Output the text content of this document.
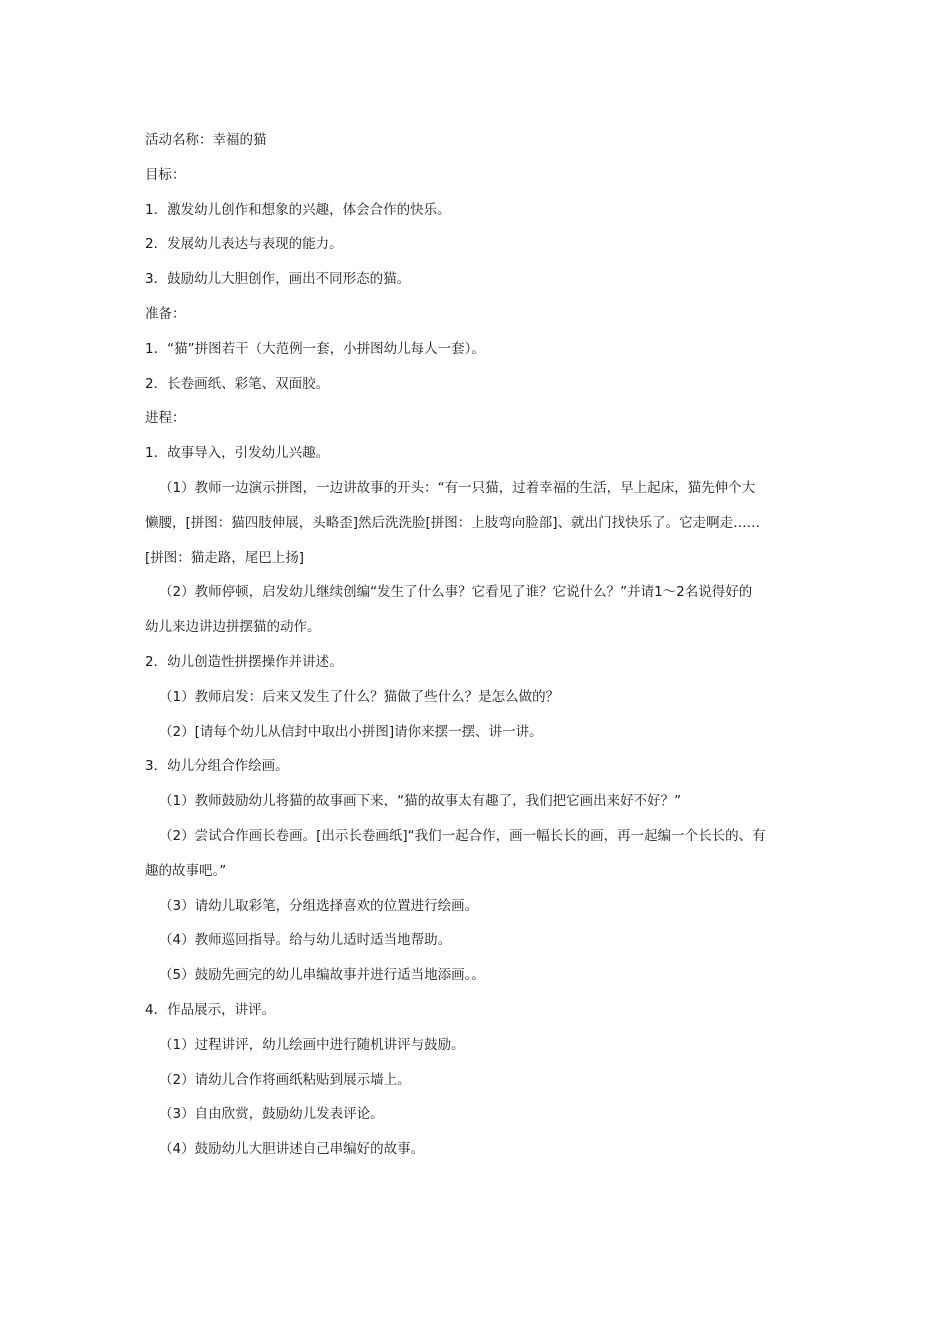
活动名称：幸福的猫

目标：

1．激发幼儿创作和想象的兴趣，体会合作的快乐。

2．发展幼儿表达与表现的能力。

3．鼓励幼儿大胆创作，画出不同形态的猫。

准备：

1．“猫”拼图若干（大范例一套，小拼图幼儿每人一套）。

2．长卷画纸、彩笔、双面胶。

进程：

1．故事导入，引发幼儿兴趣。

（1）教师一边演示拼图，一边讲故事的开头：“有一只猫，过着幸福的生活，早上起床，猫先伸个大

懒腰，[拼图：猫四肢伸展，头略歪]然后洗洗脸[拼图：上肢弯向脸部]、就出门找快乐了。它走啊走……

[拼图：猫走路，尾巴上扬]

（2）教师停顿，启发幼儿继续创编“发生了什么事？它看见了谁？它说什么？”并请1～2名说得好的

幼儿来边讲边拼摆猫的动作。

2．幼儿创造性拼摆操作并讲述。

（1）教师启发：后来又发生了什么？猫做了些什么？是怎么做的？

（2）[请每个幼儿从信封中取出小拼图]请你来摆一摆、讲一讲。

3．幼儿分组合作绘画。

（1）教师鼓励幼儿将猫的故事画下来，“猫的故事太有趣了，我们把它画出来好不好？”

（2）尝试合作画长卷画。[出示长卷画纸]“我们一起合作，画一幅长长的画，再一起编一个长长的、有

趣的故事吧。”

（3）请幼儿取彩笔，分组选择喜欢的位置进行绘画。

（4）教师巡回指导。给与幼儿适时适当地帮助。

（5）鼓励先画完的幼儿串编故事并进行适当地添画。。

4．作品展示，讲评。

（1）过程讲评，幼儿绘画中进行随机讲评与鼓励。

（2）请幼儿合作将画纸粘贴到展示墙上。

（3）自由欣赏，鼓励幼儿发表评论。

（4）鼓励幼儿大胆讲述自己串编好的故事。
